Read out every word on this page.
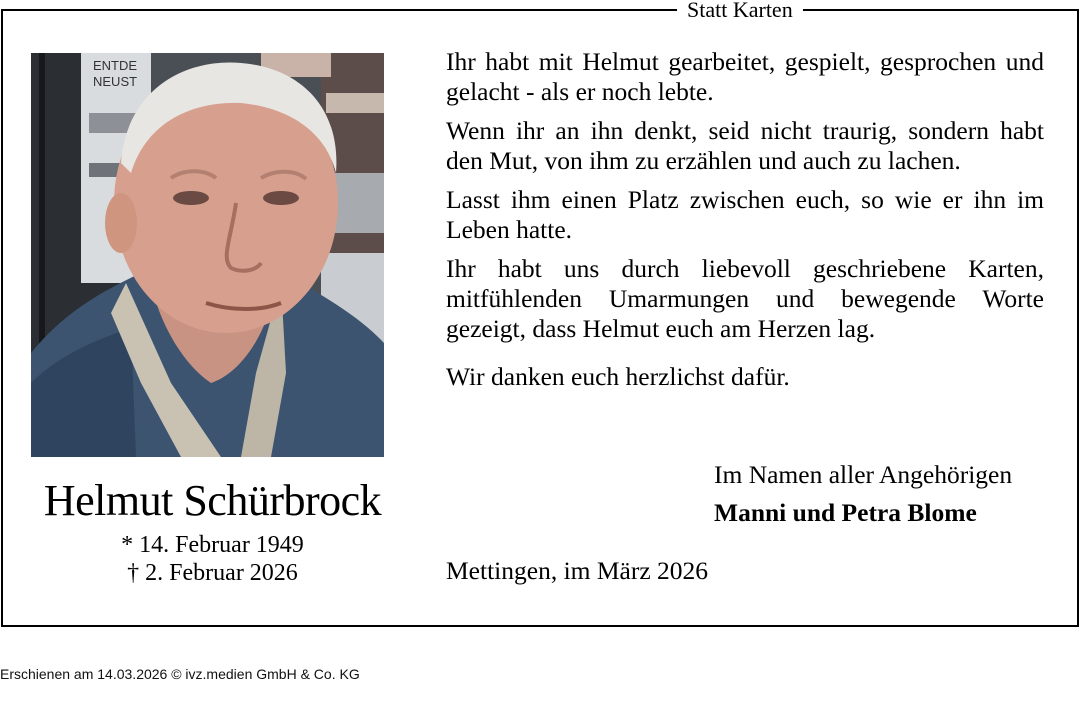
Statt Karten
ENTDE
NEUST
Helmut Schürbrock
* 14. Februar 1949
† 2. Februar 2026

Ihr habt mit Helmut gearbeitet, gespielt, gesprochen und gelacht - als er noch lebte.

Wenn ihr an ihn denkt, seid nicht traurig, sondern habt den Mut, von ihm zu erzählen und auch zu lachen.

Lasst ihm einen Platz zwischen euch, so wie er ihn im Leben hatte.

Ihr habt uns durch liebevoll geschriebene Karten, mitfühlenden Umarmungen und bewegende Worte gezeigt, dass Helmut euch am Herzen lag.

Wir danken euch herzlichst dafür.

Im Namen aller Angehörigen
Manni und Petra Blome
Mettingen, im März 2026
Erschienen am 14.03.2026 © ivz.medien GmbH & Co. KG
